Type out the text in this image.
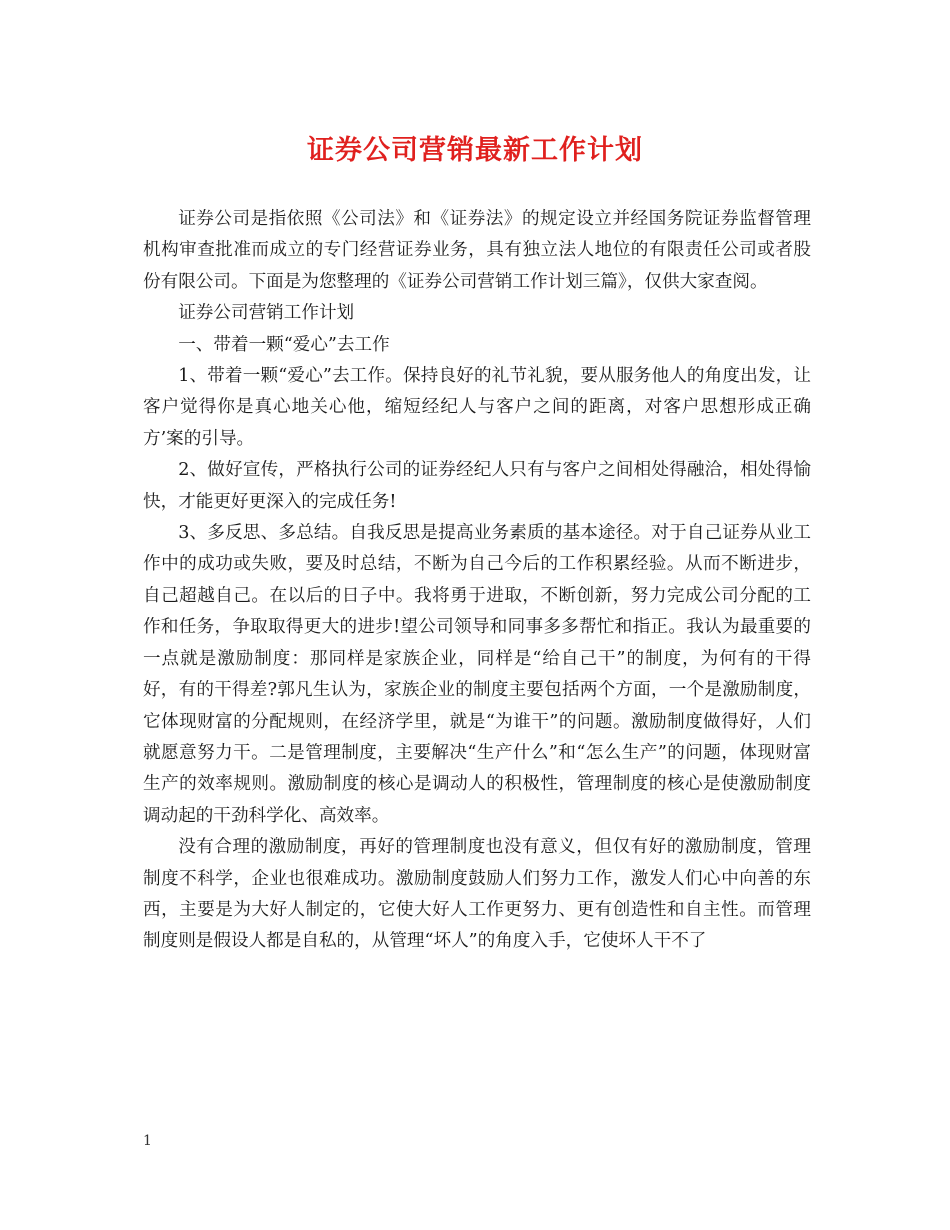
证券公司营销最新工作计划

证券公司是指依照《公司法》和《证券法》的规定设立并经国务院证券监督管理机构审查批准而成立的专门经营证券业务，具有独立法人地位的有限责任公司或者股份有限公司。下面是为您整理的《证券公司营销工作计划三篇》，仅供大家查阅。

证券公司营销工作计划

一、带着一颗“爱心”去工作

1、带着一颗“爱心”去工作。保持良好的礼节礼貌，要从服务他人的角度出发，让客户觉得你是真心地关心他，缩短经纪人与客户之间的距离，对客户思想形成正确方’案的引导。

2、做好宣传，严格执行公司的证券经纪人只有与客户之间相处得融洽，相处得愉快，才能更好更深入的完成任务!

3、多反思、多总结。自我反思是提高业务素质的基本途径。对于自己证券从业工作中的成功或失败，要及时总结，不断为自己今后的工作积累经验。从而不断进步，自己超越自己。在以后的日子中。我将勇于进取，不断创新，努力完成公司分配的工作和任务，争取取得更大的进步!望公司领导和同事多多帮忙和指正。我认为最重要的一点就是激励制度：那同样是家族企业，同样是“给自己干”的制度，为何有的干得好，有的干得差?郭凡生认为，家族企业的制度主要包括两个方面，一个是激励制度，它体现财富的分配规则，在经济学里，就是“为谁干”的问题。激励制度做得好，人们就愿意努力干。二是管理制度，主要解决“生产什么”和“怎么生产”的问题，体现财富生产的效率规则。激励制度的核心是调动人的积极性，管理制度的核心是使激励制度调动起的干劲科学化、高效率。

没有合理的激励制度，再好的管理制度也没有意义，但仅有好的激励制度，管理制度不科学，企业也很难成功。激励制度鼓励人们努力工作，激发人们心中向善的东西，主要是为大好人制定的，它使大好人工作更努力、更有创造性和自主性。而管理制度则是假设人都是自私的，从管理“坏人”的角度入手，它使坏人干不了

1
